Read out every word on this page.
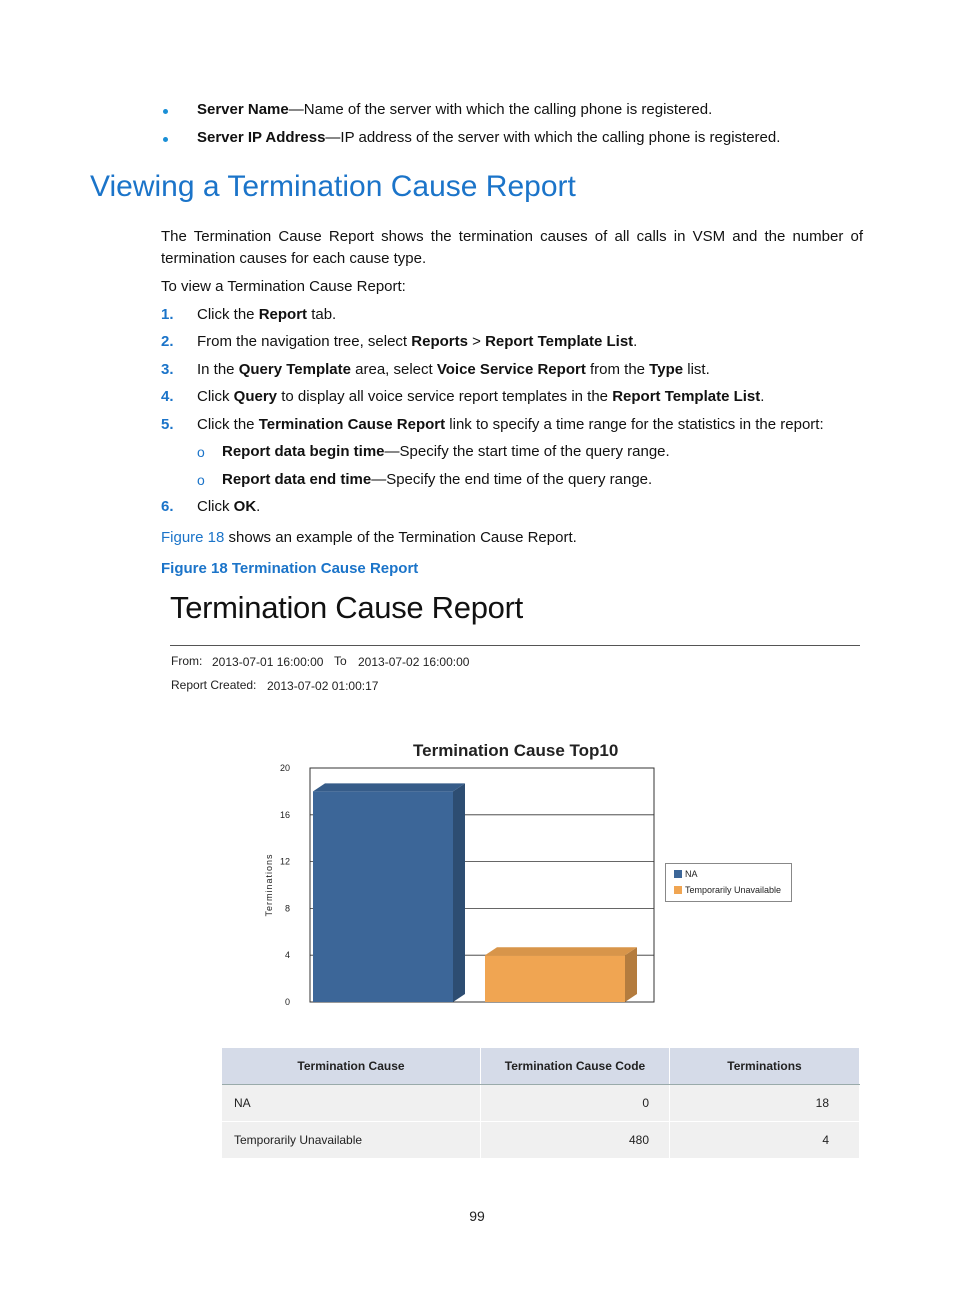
Server Name—Name of the server with which the calling phone is registered.
Server IP Address—IP address of the server with which the calling phone is registered.
Viewing a Termination Cause Report
The Termination Cause Report shows the termination causes of all calls in VSM and the number of termination causes for each cause type.
To view a Termination Cause Report:
1. Click the Report tab.
2. From the navigation tree, select Reports > Report Template List.
3. In the Query Template area, select Voice Service Report from the Type list.
4. Click Query to display all voice service report templates in the Report Template List.
5. Click the Termination Cause Report link to specify a time range for the statistics in the report:
o Report data begin time—Specify the start time of the query range.
o Report data end time—Specify the end time of the query range.
6. Click OK.
Figure 18 shows an example of the Termination Cause Report.
Figure 18 Termination Cause Report
Termination Cause Report
From: 2013-07-01 16:00:00 To 2013-07-02 16:00:00
Report Created: 2013-07-02 01:00:17
Termination Cause Top10
0
4
8
12
16
20
Terminations	NA
Temporarily Unavailable
Termination Cause	Termination Cause Code	Terminations
NA	0	18
Temporarily Unavailable	480	4
99
